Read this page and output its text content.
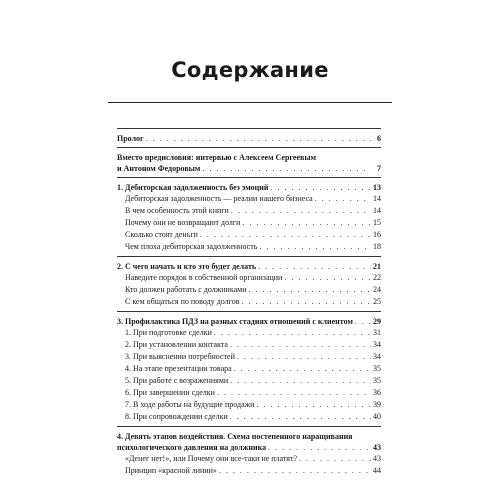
Содержание
Пролог . . .	6
Вместо предисловия: интервью с Алексеем Сергеевым
и Антоном Федоровым . . .	7
1. Дебиторская задолженность без эмоций . . .	13
Дебиторская задолженность — реалии нашего бизнеса . . .	14
В чем особенность этой книги . . .	14
Почему они не возвращают долги . . .	15
Сколько стоят деньги . . .	16
Чем плоха дебиторская задолженность . . .	18
2. С чего начать и кто это будет делать . . .	21
Наведите порядок в собственной организации . . .	22
Кто должен работать с должниками . . .	24
С кем общаться по поводу долгов . . .	25
3. Профилактика ПДЗ на разных стадиях отношений с клиентом . . .	29
1. При подготовке сделки . . .	31
2. При установлении контакта . . .	34
3. При выяснении потребностей . . .	34
4. На этапе презентации товара . . .	35
5. При работе с возражениями . . .	35
6. При завершении сделки . . .	36
7. В ходе работы на будущие продажи . . .	39
8. При сопровождении сделки . . .	40
4. Девять этапов воздействия. Схема постепенного наращивания
психологического давления на должника . . .	43
«Денег нет!», или Почему они все-таки не платят? . . .	43
Принцип «красной линии» . . .	44
